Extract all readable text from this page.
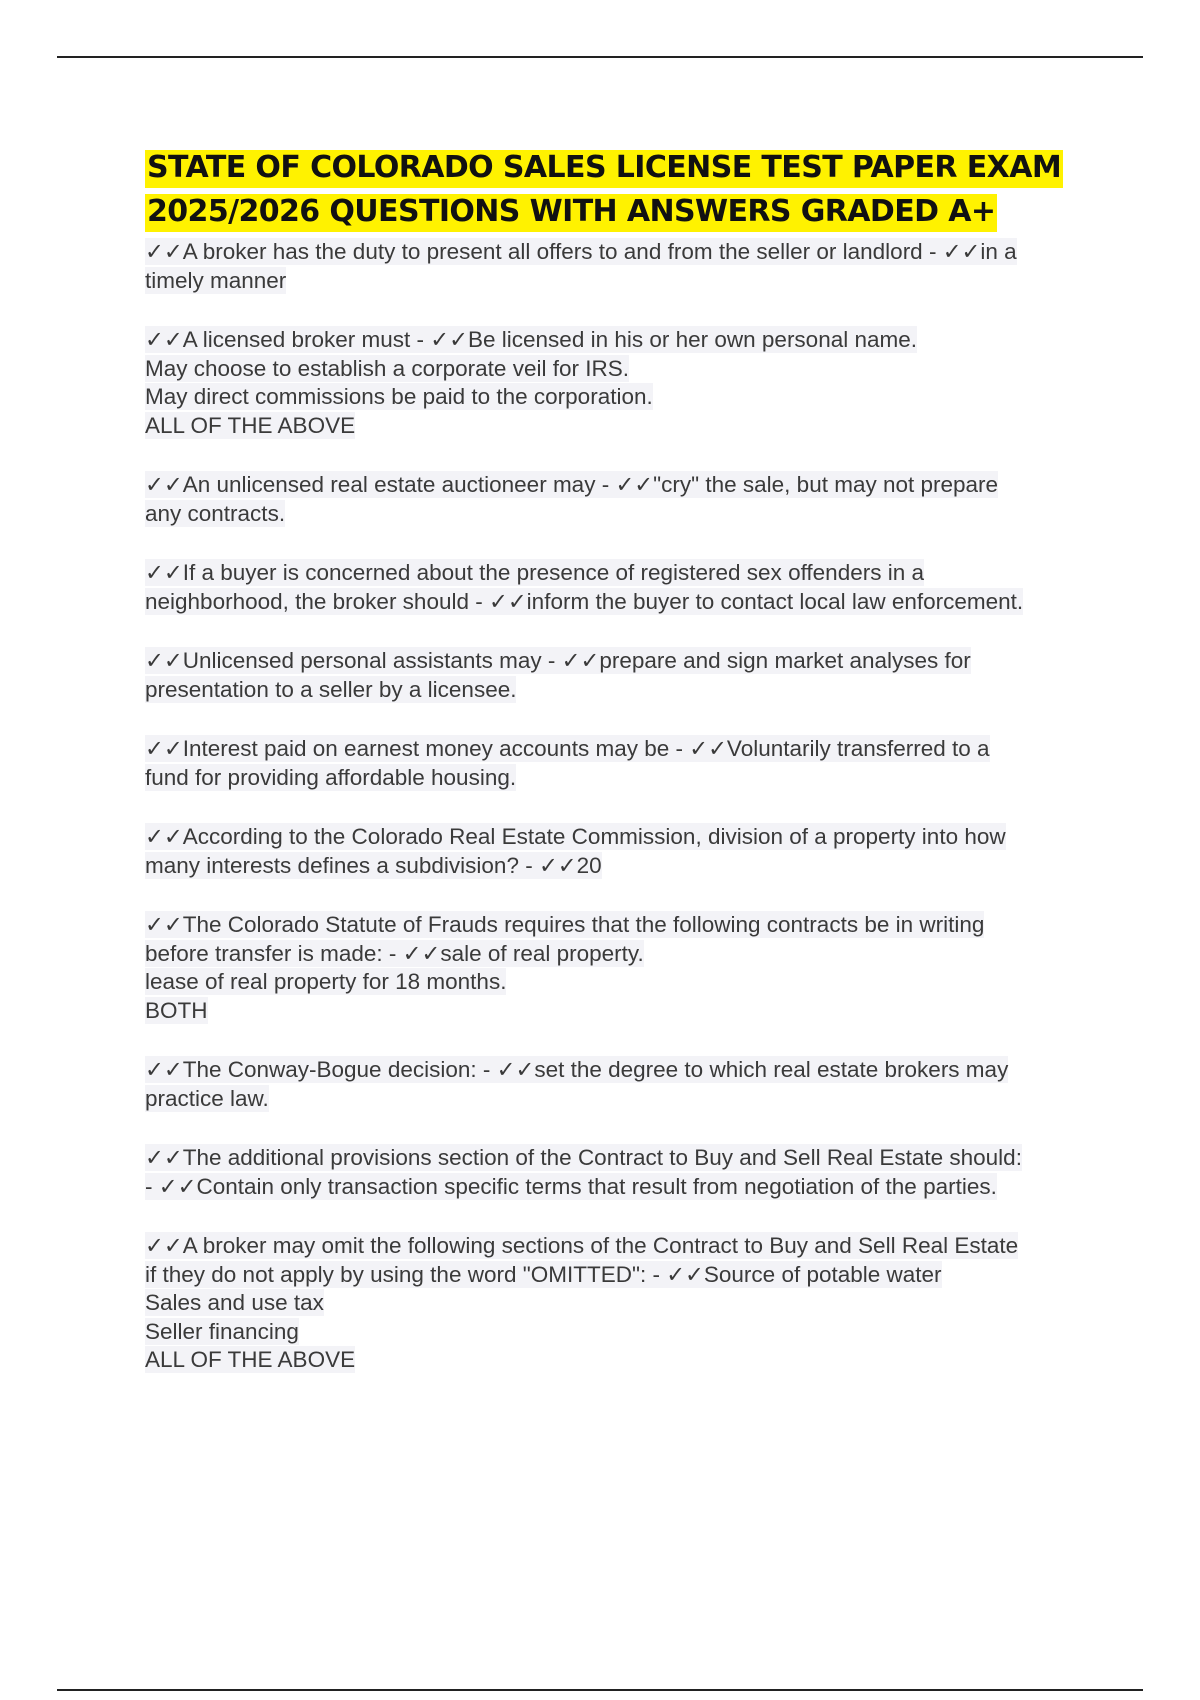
STATE OF COLORADO SALES LICENSE TEST PAPER EXAM
2025/2026 QUESTIONS WITH ANSWERS GRADED A+
✓✓A broker has the duty to present all offers to and from the seller or landlord - ✓✓in a
timely manner
✓✓A licensed broker must - ✓✓Be licensed in his or her own personal name.
May choose to establish a corporate veil for IRS.
May direct commissions be paid to the corporation.
ALL OF THE ABOVE
✓✓An unlicensed real estate auctioneer may - ✓✓"cry" the sale, but may not prepare
any contracts.
✓✓If a buyer is concerned about the presence of registered sex offenders in a
neighborhood, the broker should - ✓✓inform the buyer to contact local law enforcement.
✓✓Unlicensed personal assistants may - ✓✓prepare and sign market analyses for
presentation to a seller by a licensee.
✓✓Interest paid on earnest money accounts may be - ✓✓Voluntarily transferred to a
fund for providing affordable housing.
✓✓According to the Colorado Real Estate Commission, division of a property into how
many interests defines a subdivision? - ✓✓20
✓✓The Colorado Statute of Frauds requires that the following contracts be in writing
before transfer is made: - ✓✓sale of real property.
lease of real property for 18 months.
BOTH
✓✓The Conway-Bogue decision: - ✓✓set the degree to which real estate brokers may
practice law.
✓✓The additional provisions section of the Contract to Buy and Sell Real Estate should:
- ✓✓Contain only transaction specific terms that result from negotiation of the parties.
✓✓A broker may omit the following sections of the Contract to Buy and Sell Real Estate
if they do not apply by using the word "OMITTED": - ✓✓Source of potable water
Sales and use tax
Seller financing
ALL OF THE ABOVE
